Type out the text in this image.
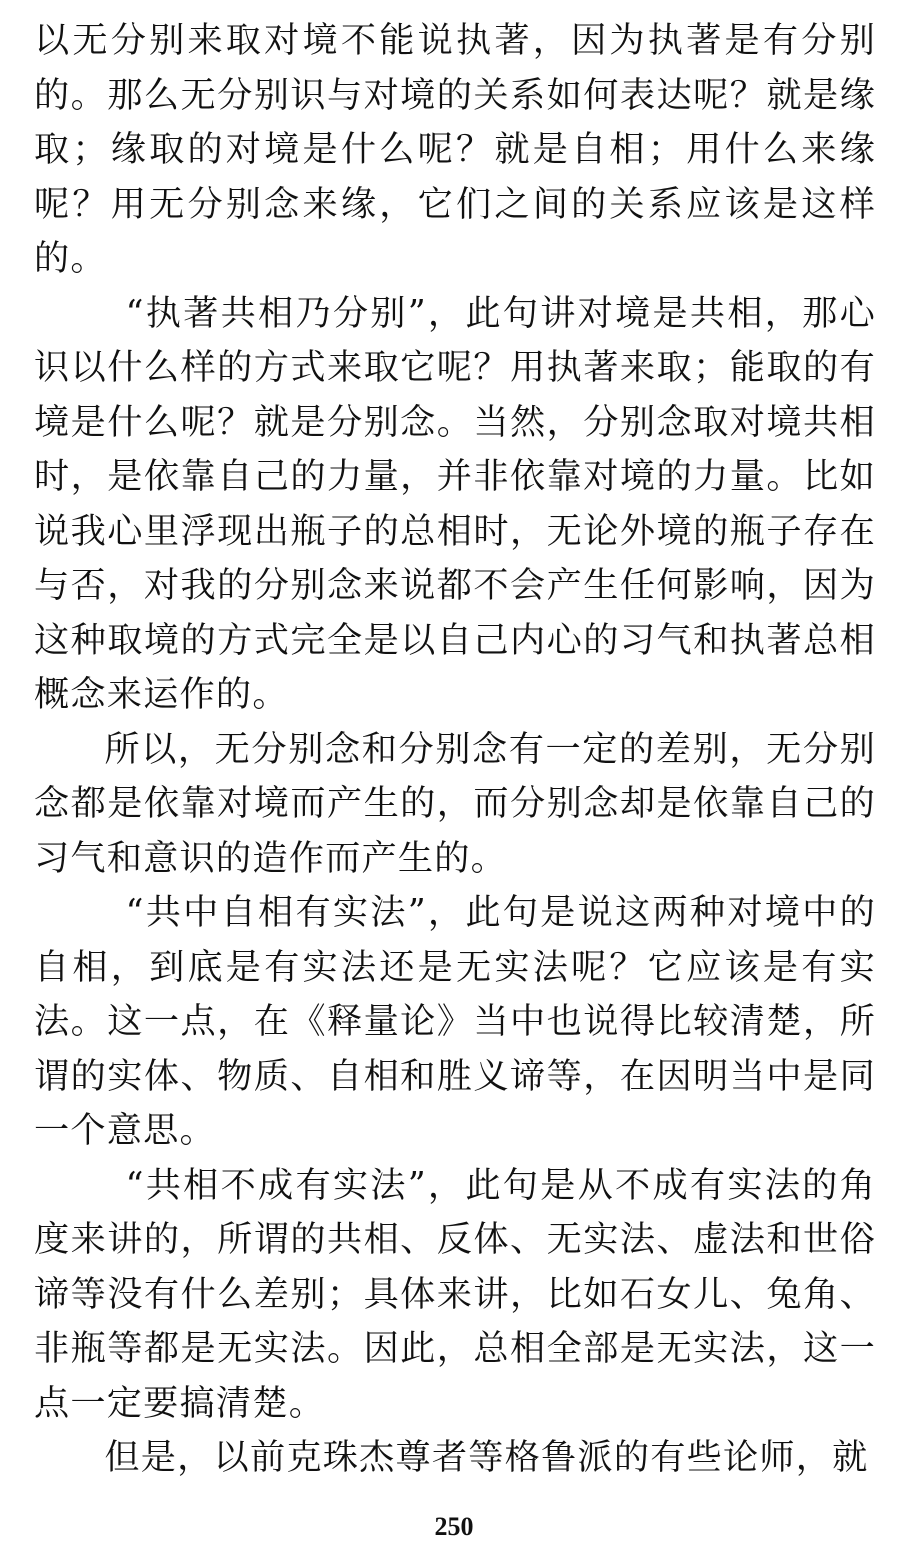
以无分别来取对境不能说执著，因为执著是有分别的。那么无分别识与对境的关系如何表达呢？就是缘取；缘取的对境是什么呢？就是自相；用什么来缘呢？用无分别念来缘，它们之间的关系应该是这样的。

“执著共相乃分别”，此句讲对境是共相，那心识以什么样的方式来取它呢？用执著来取；能取的有境是什么呢？就是分别念。当然，分别念取对境共相时，是依靠自己的力量，并非依靠对境的力量。比如说我心里浮现出瓶子的总相时，无论外境的瓶子存在与否，对我的分别念来说都不会产生任何影响，因为这种取境的方式完全是以自己内心的习气和执著总相概念来运作的。

所以，无分别念和分别念有一定的差别，无分别念都是依靠对境而产生的，而分别念却是依靠自己的习气和意识的造作而产生的。

“共中自相有实法”，此句是说这两种对境中的自相，到底是有实法还是无实法呢？它应该是有实法。这一点，在《释量论》当中也说得比较清楚，所谓的实体、物质、自相和胜义谛等，在因明当中是同一个意思。

“共相不成有实法”，此句是从不成有实法的角度来讲的，所谓的共相、反体、无实法、虚法和世俗谛等没有什么差别；具体来讲，比如石女儿、兔角、非瓶等都是无实法。因此，总相全部是无实法，这一点一定要搞清楚。

但是，以前克珠杰尊者等格鲁派的有些论师，就

250
